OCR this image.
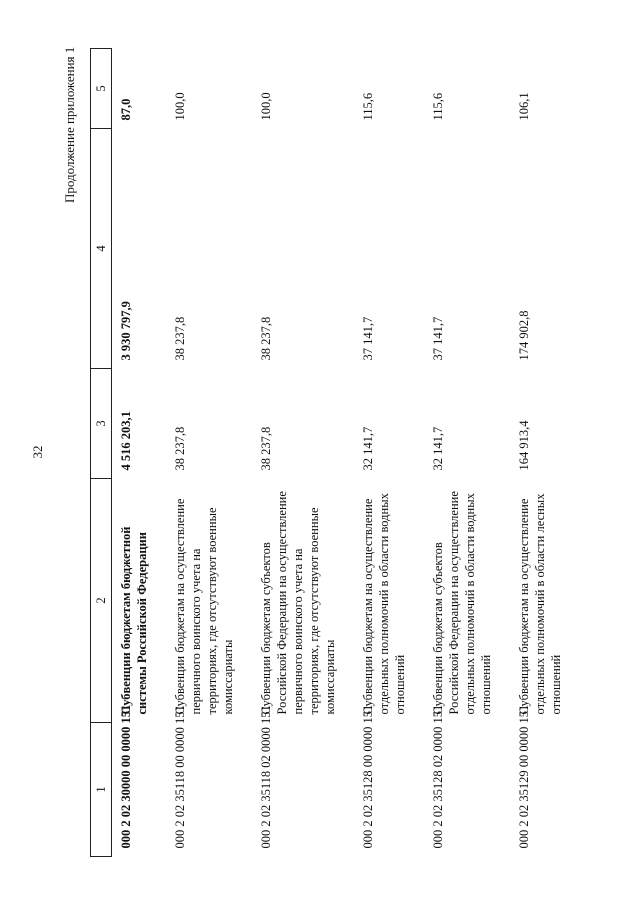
32
Продолжение приложения 1
1	2	3	4	5
000 2 02 30000 00 0000 151	Субвенции бюджетам бюджетной системы Российской Федерации	4 516 203,1	3 930 797,9	87,0
000 2 02 35118 00 0000 151	Субвенции бюджетам на осуществление первичного воинского учета на территориях, где отсутствуют военные комиссариаты	38 237,8	38 237,8	100,0
000 2 02 35118 02 0000 151	Субвенции бюджетам субъектов Российской Федерации на осуществление первичного воинского учета на территориях, где отсутствуют военные комиссариаты	38 237,8	38 237,8	100,0
000 2 02 35128 00 0000 151	Субвенции бюджетам на осуществление отдельных полномочий в области водных отношений	32 141,7	37 141,7	115,6
000 2 02 35128 02 0000 151	Субвенции бюджетам субъектов Российской Федерации на осуществление отдельных полномочий в области водных отношений	32 141,7	37 141,7	115,6
000 2 02 35129 00 0000 151	Субвенции бюджетам на осуществление отдельных полномочий в области лесных отношений	164 913,4	174 902,8	106,1
